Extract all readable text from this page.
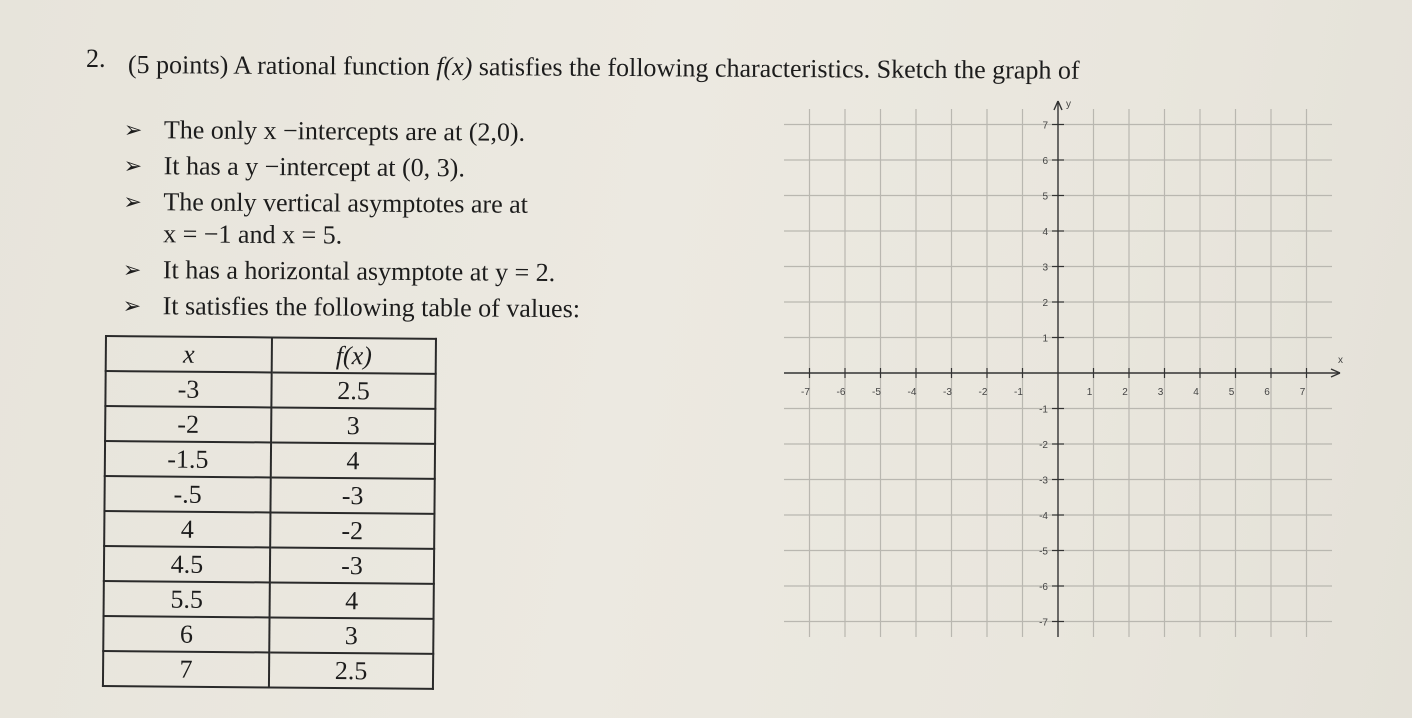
2. (5 points) A rational function f(x) satisfies the following characteristics. Sketch the graph of
➢ The only x −intercepts are at (2,0).
➢ It has a y −intercept at (0, 3).
➢ The only vertical asymptotes are at
x = −1 and x = 5.
➢ It has a horizontal asymptote at y = 2.
➢ It satisfies the following table of values:
x	f(x)
-3	2.5
-2	3
-1.5	4
-.5	-3
4	-2
4.5	-3
5.5	4
6	3
7	2.5
-7	-6	-5	-4	-3	-2	-1	1	2	3	4	5	6	7
7
6
5
4
3
2
1
-1
-2
-3
-4
-5
-6
-7
x
y
